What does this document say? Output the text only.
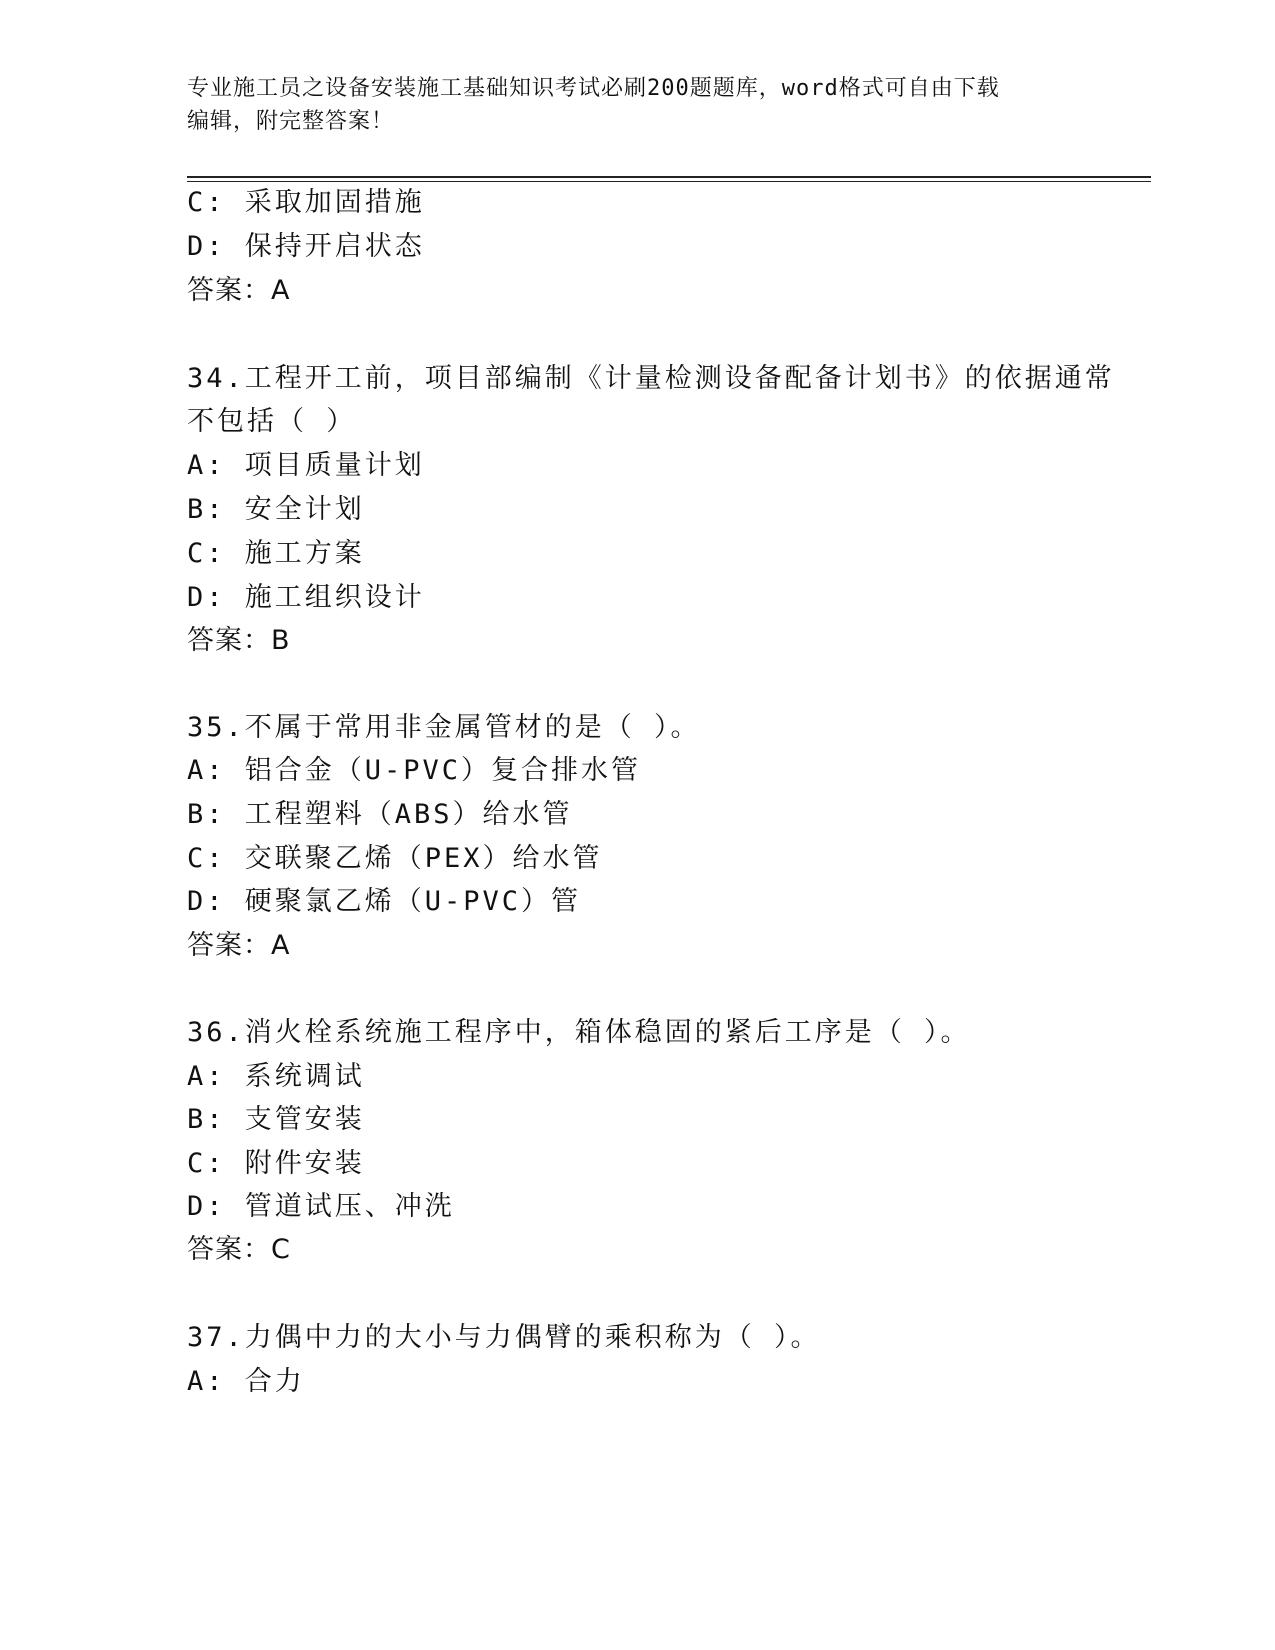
专业施工员之设备安装施工基础知识考试必刷200题题库，word格式可自由下载
编辑，附完整答案！
C: 采取加固措施
D: 保持开启状态
答案：A
34.工程开工前，项目部编制《计量检测设备配备计划书》的依据通常
不包括（ ）
A: 项目质量计划
B: 安全计划
C: 施工方案
D: 施工组织设计
答案：B
35.不属于常用非金属管材的是（ ）。
A: 铝合金（U-PVC）复合排水管
B: 工程塑料（ABS）给水管
C: 交联聚乙烯（PEX）给水管
D: 硬聚氯乙烯（U-PVC）管
答案：A
36.消火栓系统施工程序中，箱体稳固的紧后工序是（ ）。
A: 系统调试
B: 支管安装
C: 附件安装
D: 管道试压、冲洗
答案：C
37.力偶中力的大小与力偶臂的乘积称为（ ）。
A: 合力
